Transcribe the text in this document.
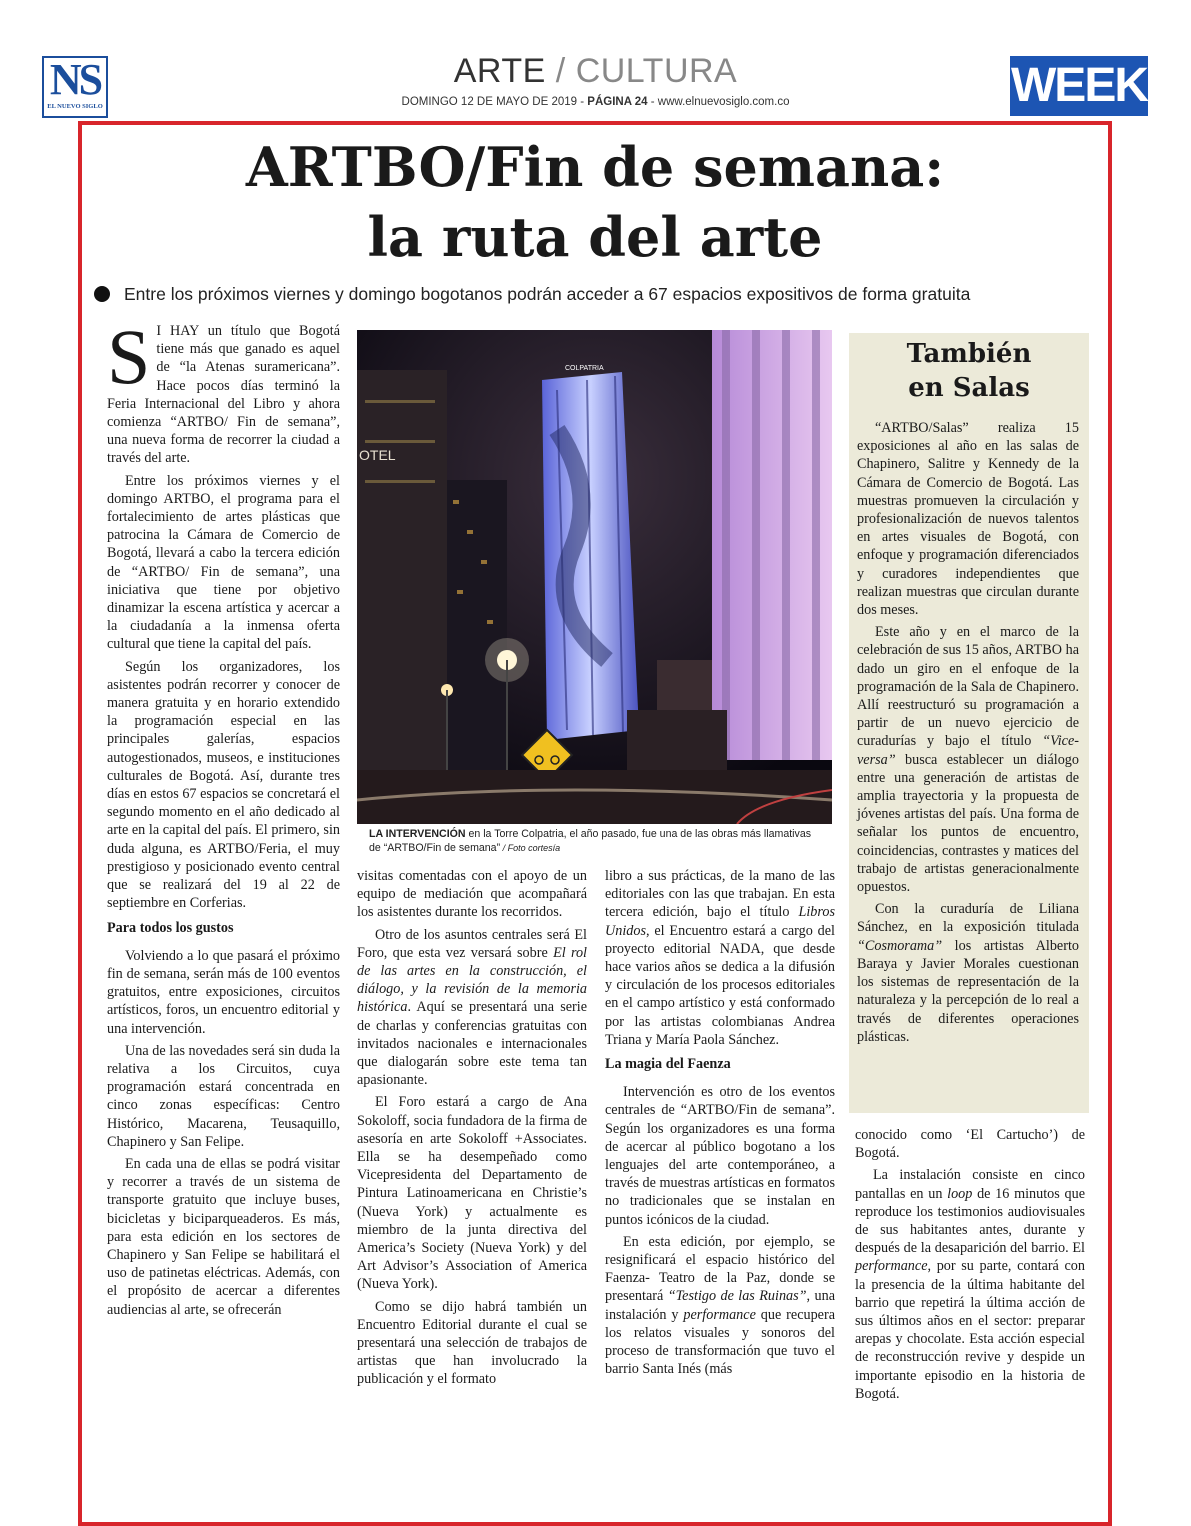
NS
EL NUEVO SIGLO
ARTE / CULTURA
DOMINGO 12 DE MAYO DE 2019 - PÁGINA 24 - www.elnuevosiglo.com.co	WEEK
ARTBO/Fin de semana:
la ruta del arte
Entre los próximos viernes y domingo bogotanos podrán acceder a 67 espacios expositivos de forma gratuita

S I HAY un título que Bogotá tiene más que ganado es aquel de “la Atenas suramericana”. Hace pocos días terminó la Feria Internacional del Libro y ahora comienza “ARTBO/ Fin de semana”, una nueva forma de recorrer la ciudad a través del arte.

Entre los próximos viernes y el domingo ARTBO, el programa para el fortalecimiento de artes plásticas que patrocina la Cámara de Comercio de Bogotá, llevará a cabo la tercera edición de “ARTBO/ Fin de semana”, una iniciativa que tiene por objetivo dinamizar la escena artística y acercar a la ciudadanía a la inmensa oferta cultural que tiene la capital del país.

Según los organizadores, los asistentes podrán recorrer y conocer de manera gratuita y en horario extendido la programación especial en las principales galerías, espacios autogestionados, museos, e instituciones culturales de Bogotá. Así, durante tres días en estos 67 espacios se concretará el segundo momento en el año dedicado al arte en la capital del país. El primero, sin duda alguna, es ARTBO/Feria, el muy prestigioso y posicionado evento central que se realizará del 19 al 22 de septiembre en Corferias.

Para todos los gustos

Volviendo a lo que pasará el próximo fin de semana, serán más de 100 eventos gratuitos, entre exposiciones, circuitos artísticos, foros, un encuentro editorial y una intervención.

Una de las novedades será sin duda la relativa a los Circuitos, cuya programación estará concentrada en cinco zonas específicas: Centro Histórico, Macarena, Teusaquillo, Chapinero y San Felipe.

En cada una de ellas se podrá visitar y recorrer a través de un sistema de transporte gratuito que incluye buses, bicicletas y biciparqueaderos. Es más, para esta edición en los sectores de Chapinero y San Felipe se habilitará el uso de patinetas eléctricas. Además, con el propósito de acercar a diferentes audiencias al arte, se ofrecerán

OTEL
COLPATRIA
LA INTERVENCIÓN en la Torre Colpatria, el año pasado, fue una de las obras más llamativas de “ARTBO/Fin de semana” / Foto cortesía

visitas comentadas con el apoyo de un equipo de mediación que acompañará los asistentes durante los recorridos.

Otro de los asuntos centrales será El Foro, que esta vez versará sobre El rol de las artes en la construcción, el diálogo, y la revisión de la memoria histórica. Aquí se presentará una serie de charlas y conferencias gratuitas con invitados nacionales e internacionales que dialogarán sobre este tema tan apasionante.

El Foro estará a cargo de Ana Sokoloff, socia fundadora de la firma de asesoría en arte Sokoloff +Associates. Ella se ha desempeñado como Vicepresidenta del Departamento de Pintura Latinoamericana en Christie’s (Nueva York) y actualmente es miembro de la junta directiva del America’s Society (Nueva York) y del Art Advisor’s Association of America (Nueva York).

Como se dijo habrá también un Encuentro Editorial durante el cual se presentará una selección de trabajos de artistas que han involucrado la publicación y el formato

libro a sus prácticas, de la mano de las editoriales con las que trabajan. En esta tercera edición, bajo el título Libros Unidos, el Encuentro estará a cargo del proyecto editorial NADA, que desde hace varios años se dedica a la difusión y circulación de los procesos editoriales en el campo artístico y está conformado por las artistas colombianas Andrea Triana y María Paola Sánchez.

La magia del Faenza

Intervención es otro de los eventos centrales de “ARTBO/Fin de semana”. Según los organizadores es una forma de acercar al público bogotano a los lenguajes del arte contemporáneo, a través de muestras artísticas en formatos no tradicionales que se instalan en puntos icónicos de la ciudad.

En esta edición, por ejemplo, se resignificará el espacio histórico del Faenza- Teatro de la Paz, donde se presentará “Testigo de las Ruinas”, una instalación y performance que recupera los relatos visuales y sonoros del proceso de transformación que tuvo el barrio Santa Inés (más

También
en Salas

“ARTBO/Salas” realiza 15 exposiciones al año en las salas de Chapinero, Salitre y Kennedy de la Cámara de Comercio de Bogotá. Las muestras promueven la circulación y profesionalización de nuevos talentos en artes visuales de Bogotá, con enfoque y programación diferenciados y curadores independientes que realizan muestras que circulan durante dos meses.

Este año y en el marco de la celebración de sus 15 años, ARTBO ha dado un giro en el enfoque de la programación de la Sala de Chapinero. Allí reestructuró su programación a partir de un nuevo ejercicio de curadurías y bajo el título “Vice-versa” busca establecer un diálogo entre una generación de artistas de amplia trayectoria y la propuesta de jóvenes artistas del país. Una forma de señalar los puntos de encuentro, coincidencias, contrastes y matices del trabajo de artistas generacionalmente opuestos.

Con la curaduría de Liliana Sánchez, en la exposición titulada “Cosmorama” los artistas Alberto Baraya y Javier Morales cuestionan los sistemas de representación de la naturaleza y la percepción de lo real a través de diferentes operaciones plásticas.

conocido como ‘El Cartucho’) de Bogotá.

La instalación consiste en cinco pantallas en un loop de 16 minutos que reproduce los testimonios audiovisuales de sus habitantes antes, durante y después de la desaparición del barrio. El performance, por su parte, contará con la presencia de la última habitante del barrio que repetirá la última acción de sus últimos años en el sector: preparar arepas y chocolate. Esta acción especial de reconstrucción revive y despide un importante episodio en la historia de Bogotá.
